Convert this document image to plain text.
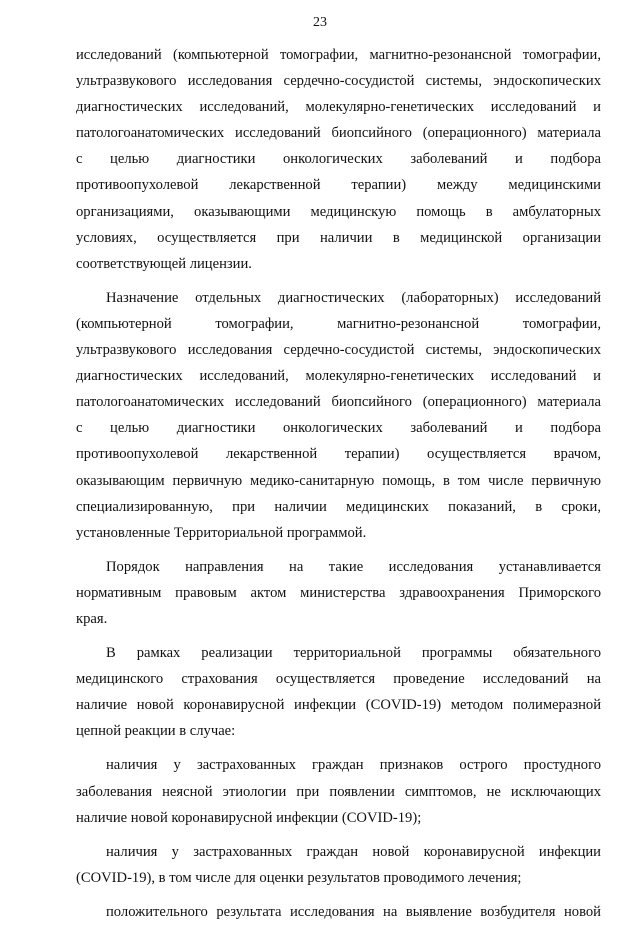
23
исследований (компьютерной томографии, магнитно-резонансной томографии,
ультразвукового исследования сердечно-сосудистой системы, эндоскопических
диагностических исследований, молекулярно-генетических исследований и
патологоанатомических исследований биопсийного (операционного) материала
с целью диагностики онкологических заболеваний и подбора
противоопухолевой лекарственной терапии) между медицинскими
организациями, оказывающими медицинскую помощь в амбулаторных
условиях, осуществляется при наличии в медицинской организации
соответствующей лицензии.
Назначение отдельных диагностических (лабораторных) исследований
(компьютерной томографии, магнитно-резонансной томографии,
ультразвукового исследования сердечно-сосудистой системы, эндоскопических
диагностических исследований, молекулярно-генетических исследований и
патологоанатомических исследований биопсийного (операционного) материала
с целью диагностики онкологических заболеваний и подбора
противоопухолевой лекарственной терапии) осуществляется врачом,
оказывающим первичную медико-санитарную помощь, в том числе первичную
специализированную, при наличии медицинских показаний, в сроки,
установленные Территориальной программой.
Порядок направления на такие исследования устанавливается
нормативным правовым актом министерства здравоохранения Приморского
края.
В рамках реализации территориальной программы обязательного
медицинского страхования осуществляется проведение исследований на
наличие новой коронавирусной инфекции (COVID-19) методом полимеразной
цепной реакции в случае:
наличия у застрахованных граждан признаков острого простудного
заболевания неясной этиологии при появлении симптомов, не исключающих
наличие новой коронавирусной инфекции (COVID-19);
наличия у застрахованных граждан новой коронавирусной инфекции
(COVID-19), в том числе для оценки результатов проводимого лечения;
положительного результата исследования на выявление возбудителя новой
